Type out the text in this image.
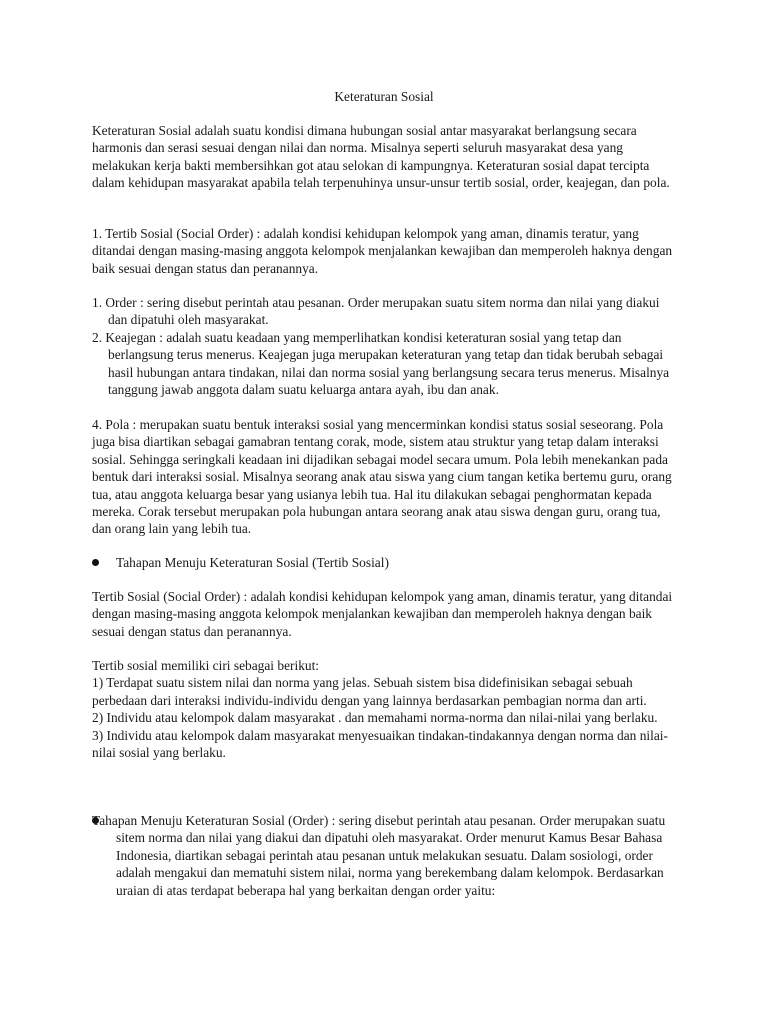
Keteraturan Sosial
Keteraturan Sosial adalah suatu kondisi dimana hubungan sosial antar masyarakat berlangsung secara harmonis dan serasi sesuai dengan nilai dan norma. Misalnya seperti seluruh masyarakat desa yang melakukan kerja bakti membersihkan got atau selokan di kampungnya. Keteraturan sosial dapat tercipta dalam kehidupan masyarakat apabila telah terpenuhinya unsur-unsur tertib sosial, order, keajegan, dan pola.
1. Tertib Sosial (Social Order) : adalah kondisi kehidupan kelompok yang aman, dinamis teratur, yang ditandai dengan masing-masing anggota kelompok menjalankan kewajiban dan memperoleh haknya dengan baik sesuai dengan status dan peranannya.

1. Order : sering disebut perintah atau pesanan. Order merupakan suatu sitem norma dan nilai yang diakui dan dipatuhi oleh masyarakat.

2. Keajegan : adalah suatu keadaan yang memperlihatkan kondisi keteraturan sosial yang tetap dan berlangsung terus menerus. Keajegan juga merupakan keteraturan yang tetap dan tidak berubah sebagai hasil hubungan antara tindakan, nilai dan norma sosial yang berlangsung secara terus menerus. Misalnya tanggung jawab anggota dalam suatu keluarga antara ayah, ibu dan anak.

4. Pola : merupakan suatu bentuk interaksi sosial yang mencerminkan kondisi status sosial seseorang. Pola juga bisa diartikan sebagai gamabran tentang corak, mode, sistem atau struktur yang tetap dalam interaksi sosial. Sehingga seringkali keadaan ini dijadikan sebagai model secara umum. Pola lebih menekankan pada bentuk dari interaksi sosial. Misalnya seorang anak atau siswa yang cium tangan ketika bertemu guru, orang tua, atau anggota keluarga besar yang usianya lebih tua. Hal itu dilakukan sebagai penghormatan kepada mereka. Corak tersebut merupakan pola hubungan antara seorang anak atau siswa dengan guru, orang tua, dan orang lain yang lebih tua.
Tahapan Menuju Keteraturan Sosial (Tertib Sosial)
Tertib Sosial (Social Order) : adalah kondisi kehidupan kelompok yang aman, dinamis teratur, yang ditandai dengan masing-masing anggota kelompok menjalankan kewajiban dan memperoleh haknya dengan baik sesuai dengan status dan peranannya.

Tertib sosial memiliki ciri sebagai berikut:

1) Terdapat suatu sistem nilai dan norma yang jelas. Sebuah sistem bisa didefinisikan sebagai sebuah perbedaan dari interaksi individu-individu dengan yang lainnya berdasarkan pembagian norma dan arti.

2) Individu atau kelompok dalam masyarakat . dan memahami norma-norma dan nilai-nilai yang berlaku.

3) Individu atau kelompok dalam masyarakat menyesuaikan tindakan-tindakannya dengan norma dan nilai-nilai sosial yang berlaku.

Tahapan Menuju Keteraturan Sosial (Order) : sering disebut perintah atau pesanan. Order merupakan suatu sitem norma dan nilai yang diakui dan dipatuhi oleh masyarakat. Order menurut Kamus Besar Bahasa Indonesia, diartikan sebagai perintah atau pesanan untuk melakukan sesuatu. Dalam sosiologi, order adalah mengakui dan mematuhi sistem nilai, norma yang berekembang dalam kelompok. Berdasarkan uraian di atas terdapat beberapa hal yang berkaitan dengan order yaitu:
